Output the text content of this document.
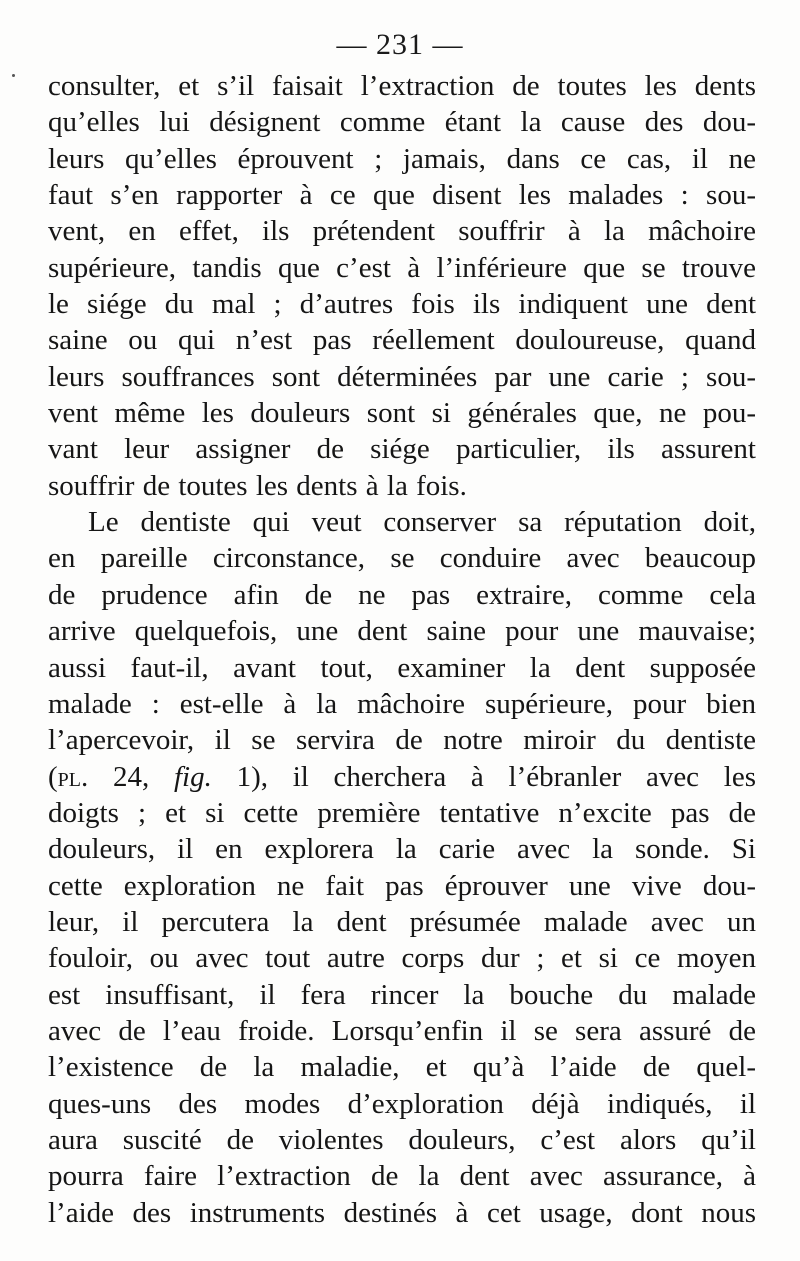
— 231 —
consulter, et s’il faisait l’extraction de toutes les dents
qu’elles lui désignent comme étant la cause des dou-
leurs qu’elles éprouvent ; jamais, dans ce cas, il ne
faut s’en rapporter à ce que disent les malades : sou-
vent, en effet, ils prétendent souffrir à la mâchoire
supérieure, tandis que c’est à l’inférieure que se trouve
le siége du mal ; d’autres fois ils indiquent une dent
saine ou qui n’est pas réellement douloureuse, quand
leurs souffrances sont déterminées par une carie ; sou-
vent même les douleurs sont si générales que, ne pou-
vant leur assigner de siége particulier, ils assurent
souffrir de toutes les dents à la fois.
Le dentiste qui veut conserver sa réputation doit,
en pareille circonstance, se conduire avec beaucoup
de prudence afin de ne pas extraire, comme cela
arrive quelquefois, une dent saine pour une mauvaise;
aussi faut-il, avant tout, examiner la dent supposée
malade : est-elle à la mâchoire supérieure, pour bien
l’apercevoir, il se servira de notre miroir du dentiste
(pl. 24, fig. 1), il cherchera à l’ébranler avec les
doigts ; et si cette première tentative n’excite pas de
douleurs, il en explorera la carie avec la sonde. Si
cette exploration ne fait pas éprouver une vive dou-
leur, il percutera la dent présumée malade avec un
fouloir, ou avec tout autre corps dur ; et si ce moyen
est insuffisant, il fera rincer la bouche du malade
avec de l’eau froide. Lorsqu’enfin il se sera assuré de
l’existence de la maladie, et qu’à l’aide de quel-
ques-uns des modes d’exploration déjà indiqués, il
aura suscité de violentes douleurs, c’est alors qu’il
pourra faire l’extraction de la dent avec assurance, à
l’aide des instruments destinés à cet usage, dont nous
